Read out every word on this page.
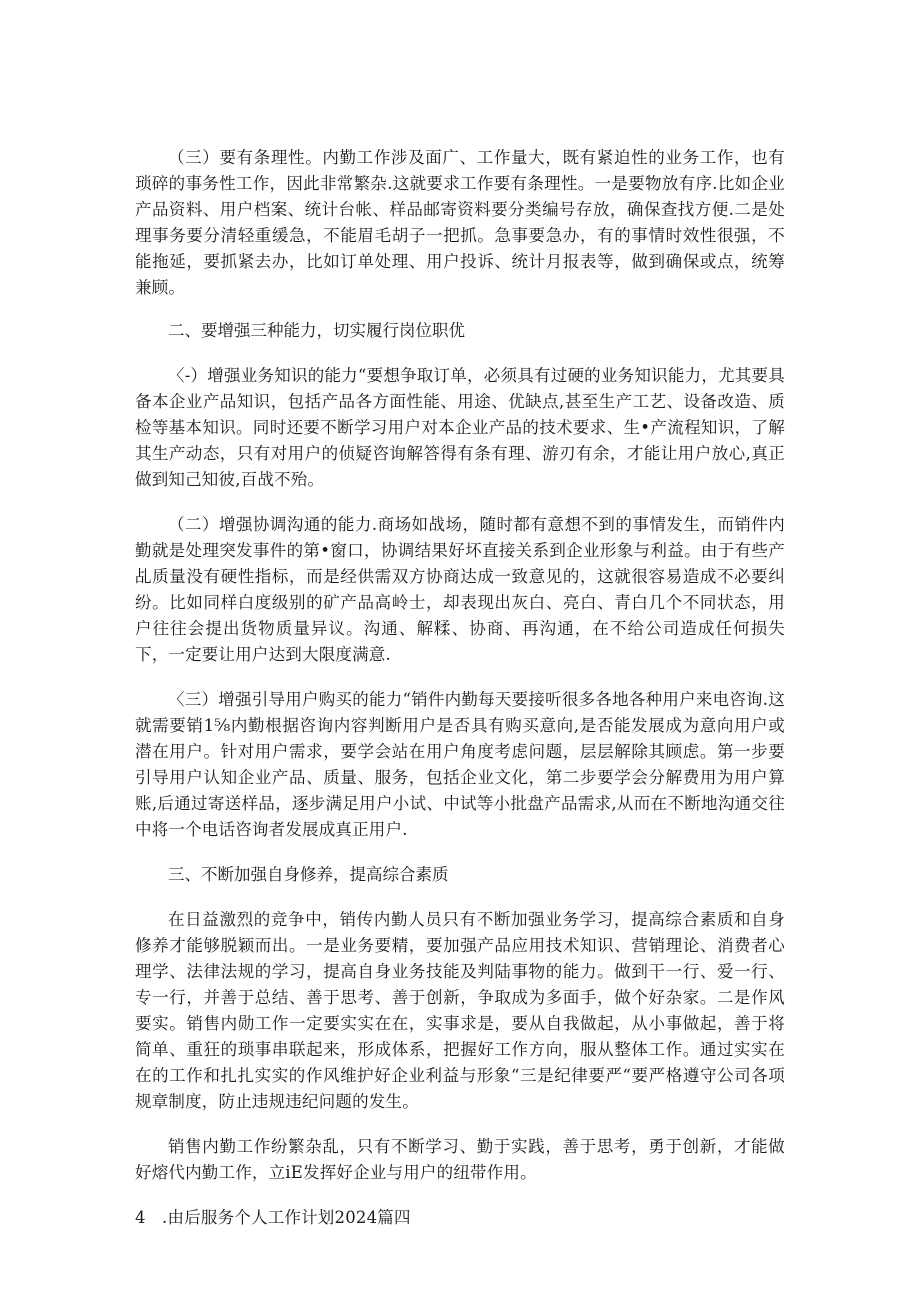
（三）要有条理性。内勤工作涉及面广、工作量大，既有紧迫性的业务工作，也有琐碎的事务性工作，因此非常繁杂.这就要求工作要有条理性。一是要物放有序.比如企业产品资料、用户档案、统计台帐、样品邮寄资料要分类编号存放，确保查找方便.二是处理事务要分清轻重缓急，不能眉毛胡子一把抓。急事要急办，有的事情时效性很强，不能拖延，要抓紧去办，比如订单处理、用户投诉、统计月报表等，做到确保或点，统筹兼顾。

二、要增强三种能力，切实履行岗位职优

〈-）增强业务知识的能力“要想争取订单，必须具有过硬的业务知识能力，尤其要具备本企业产品知识，包括产品各方面性能、用途、优缺点,甚至生产工艺、设备改造、质检等基本知识。同时还要不断学习用户对本企业产品的技术要求、生•产流程知识，了解其生产动态，只有对用户的侦疑咨询解答得有条有理、游刃有余，才能让用户放心,真正做到知己知彼,百战不殆。

（二）增强协调沟通的能力.商场如战场，随时都有意想不到的事情发生，而销件内勤就是处理突发事件的第•窗口，协调结果好坏直接关系到企业形象与利益。由于有些产乩质量没有硬性指标，而是经供需双方协商达成一致意见的，这就很容易造成不必要纠纷。比如同样白度级别的矿产品高岭士，却表现出灰白、亮白、青白几个不同状态，用户往往会提出货物质量异议。沟通、解糅、协商、再沟通，在不给公司造成任何损失下，一定要让用户达到大限度满意.

〈三）增强引导用户购买的能力“销件内勤每天要接听很多各地各种用户来电咨询.这就需要销1⅝内勤根据咨询内容判断用户是否具有购买意向,是否能发展成为意向用户或潜在用户。针对用户需求，要学会站在用户角度考虑问题，层层解除其顾虑。第一步要引导用户认知企业产品、质量、服务，包括企业文化，第二步要学会分解费用为用户算账,后通过寄送样品，逐步满足用户小试、中试等小批盘产品需求,从而在不断地沟通交往中将一个电话咨询者发展成真正用户.

三、不断加强自身修养，提高综合素质

在日益激烈的竞争中，销传内勤人员只有不断加强业务学习，提高综合素质和自身修养才能够脱颖而出。一是业务要精，要加强产品应用技术知识、营销理论、消费者心理学、法律法规的学习，提高自身业务技能及判陆事物的能力。做到干一行、爱一行、专一行，并善于总结、善于思考、善于创新，争取成为多面手，做个好杂家。二是作风要实。销售内勋工作一定要实实在在，实事求是，要从自我做起，从小事做起，善于将简单、重狂的琐事串联起来，形成体系，把握好工作方向，服从整体工作。通过实实在在的工作和扎扎实实的作风维护好企业利益与形象“三是纪律要严“要严格遵守公司各项规章制度，防止违规违纪问题的发生。

销售内勤工作纷繁杂乱，只有不断学习、勤于实践，善于思考，勇于创新，才能做好熔代内勤工作，立iE发挥好企业与用户的纽带作用。

4 .由后服务个人工作计划2024篇四
